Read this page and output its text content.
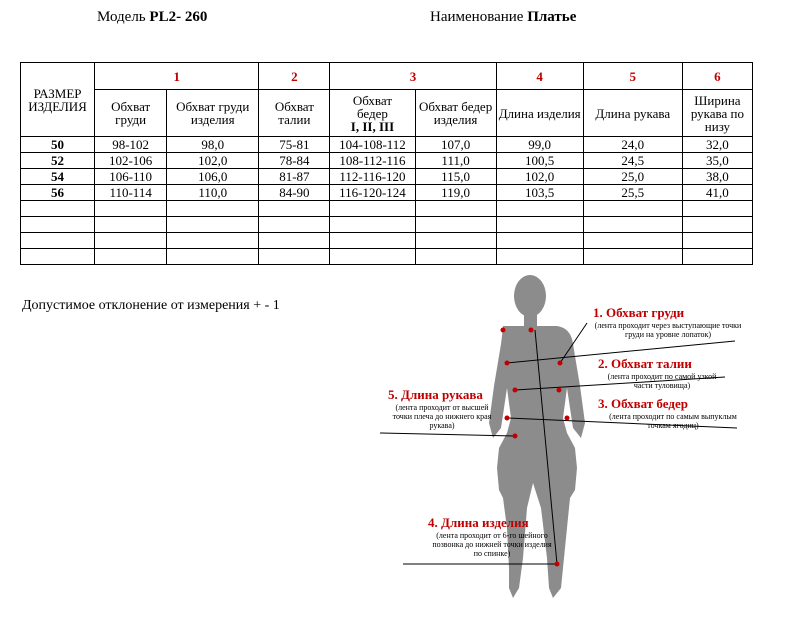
Модель PL2- 260	Наименование Платье
РАЗМЕР ИЗДЕЛИЯ	1		2	3		4	5	6
	Обхват груди	Обхват груди изделия	Обхват талии	Обхват
бедер
I, II, III	Обхват бедер изделия	Длина изделия	Длина рукава	Ширина рукава по низу
50	98-102	98,0	75-81	104-108-112	107,0	99,0	24,0	32,0
52	102-106	102,0	78-84	108-112-116	111,0	100,5	24,5	35,0
54	106-110	106,0	81-87	112-116-120	115,0	102,0	25,0	38,0
56	110-114	110,0	84-90	116-120-124	119,0	103,5	25,5	41,0

Допустимое отклонение от измерения + - 1	1. Обхват груди
(лента проходит через выступающие точки груди на уровне лопаток)
2. Обхват талии
(лента проходит по самой узкой части туловища)
3. Обхват бедер
(лента проходит по самым выпуклым точкам ягодиц)
5. Длина рукава
(лента проходит от высшей точки плеча до нижнего края рукава)
4. Длина изделия
(лента проходит от 6-го шейного позвонка до нижней точки изделия по спинке)
